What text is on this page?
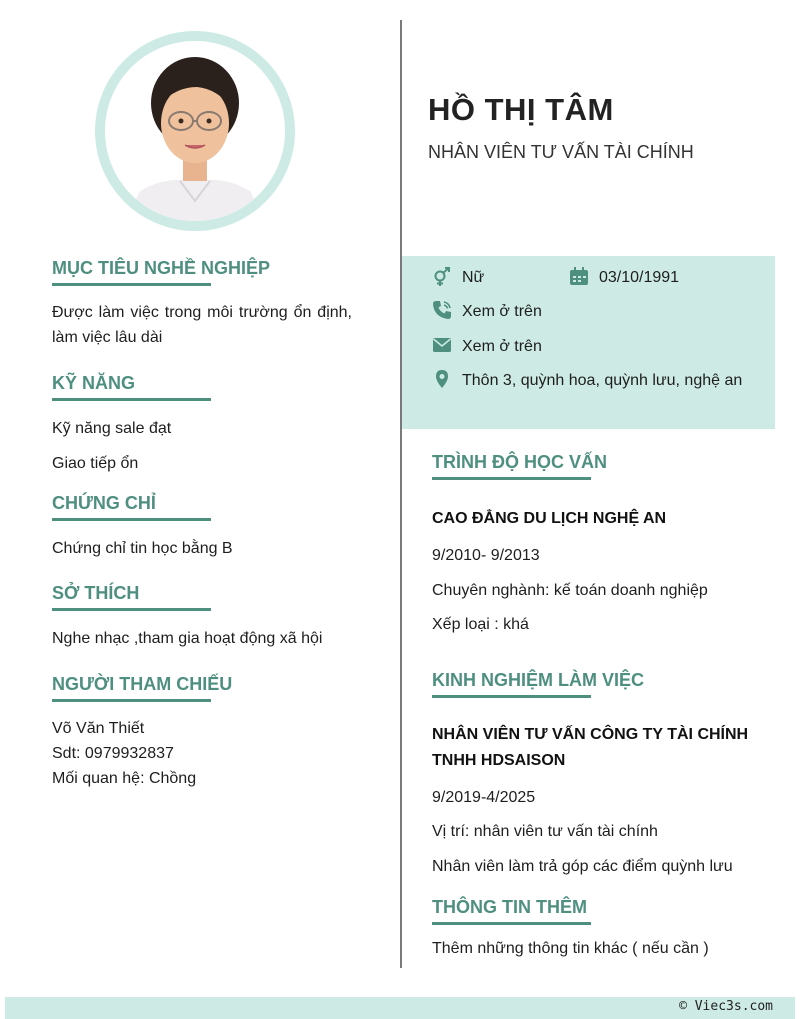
MỤC TIÊU NGHỀ NGHIỆP
Được làm việc trong môi trường ổn định, làm việc lâu dài
KỸ NĂNG
Kỹ năng sale đạt
Giao tiếp ổn
CHỨNG CHỈ
Chứng chỉ tin học bằng B
SỞ THÍCH
Nghe nhạc ,tham gia hoạt động xã hội
NGƯỜI THAM CHIẾU
Võ Văn Thiết
Sdt: 0979932837
Mối quan hệ: Chồng
HỒ THỊ TÂM
NHÂN VIÊN TƯ VẤN TÀI CHÍNH
Nữ	03/10/1991
Xem ở trên
Xem ở trên
Thôn 3, quỳnh hoa, quỳnh lưu, nghệ an
TRÌNH ĐỘ HỌC VẤN
CAO ĐẲNG DU LỊCH NGHỆ AN
9/2010- 9/2013
Chuyên nghành: kế toán doanh nghiệp
Xếp loại : khá
KINH NGHIỆM LÀM VIỆC
NHÂN VIÊN TƯ VẤN CÔNG TY TÀI CHÍNH TNHH HDSAISON
9/2019-4/2025
Vị trí: nhân viên tư vấn tài chính
Nhân viên làm trả góp các điểm quỳnh lưu
THÔNG TIN THÊM
Thêm những thông tin khác ( nếu cần )
© Viec3s.com
